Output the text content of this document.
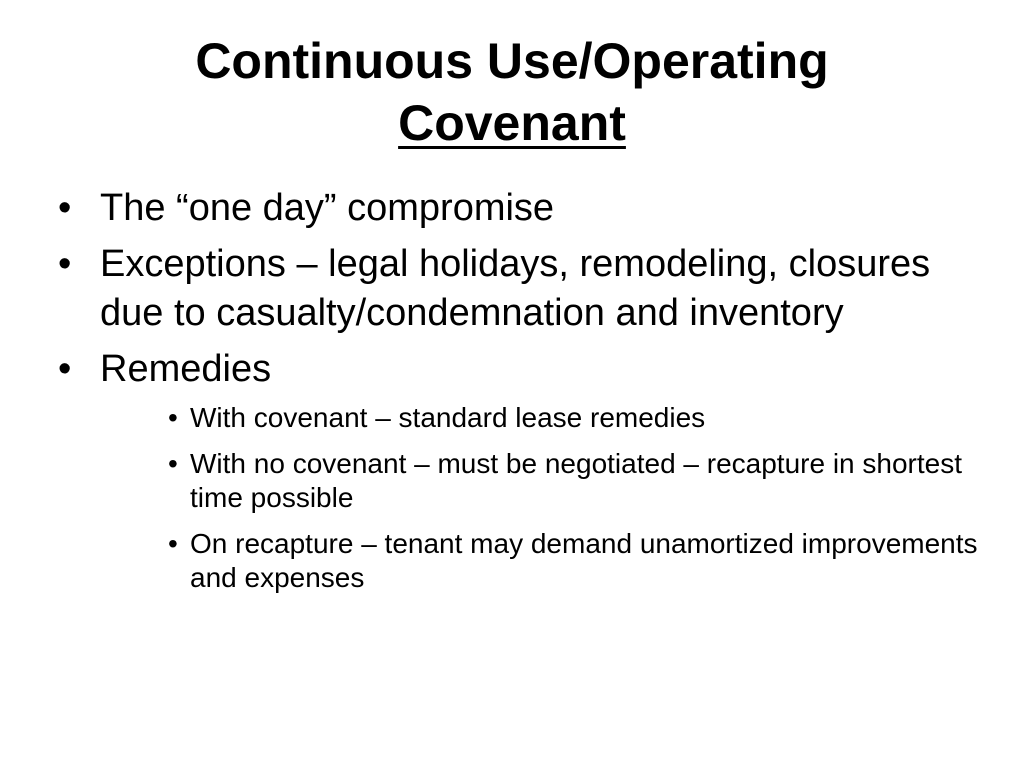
Continuous Use/Operating
Covenant
• The “one day” compromise
• Exceptions – legal holidays, remodeling, closures due to casualty/condemnation and inventory
• Remedies
• With covenant – standard lease remedies
• With no covenant – must be negotiated – recapture in shortest time possible
• On recapture – tenant may demand unamortized improvements and expenses
